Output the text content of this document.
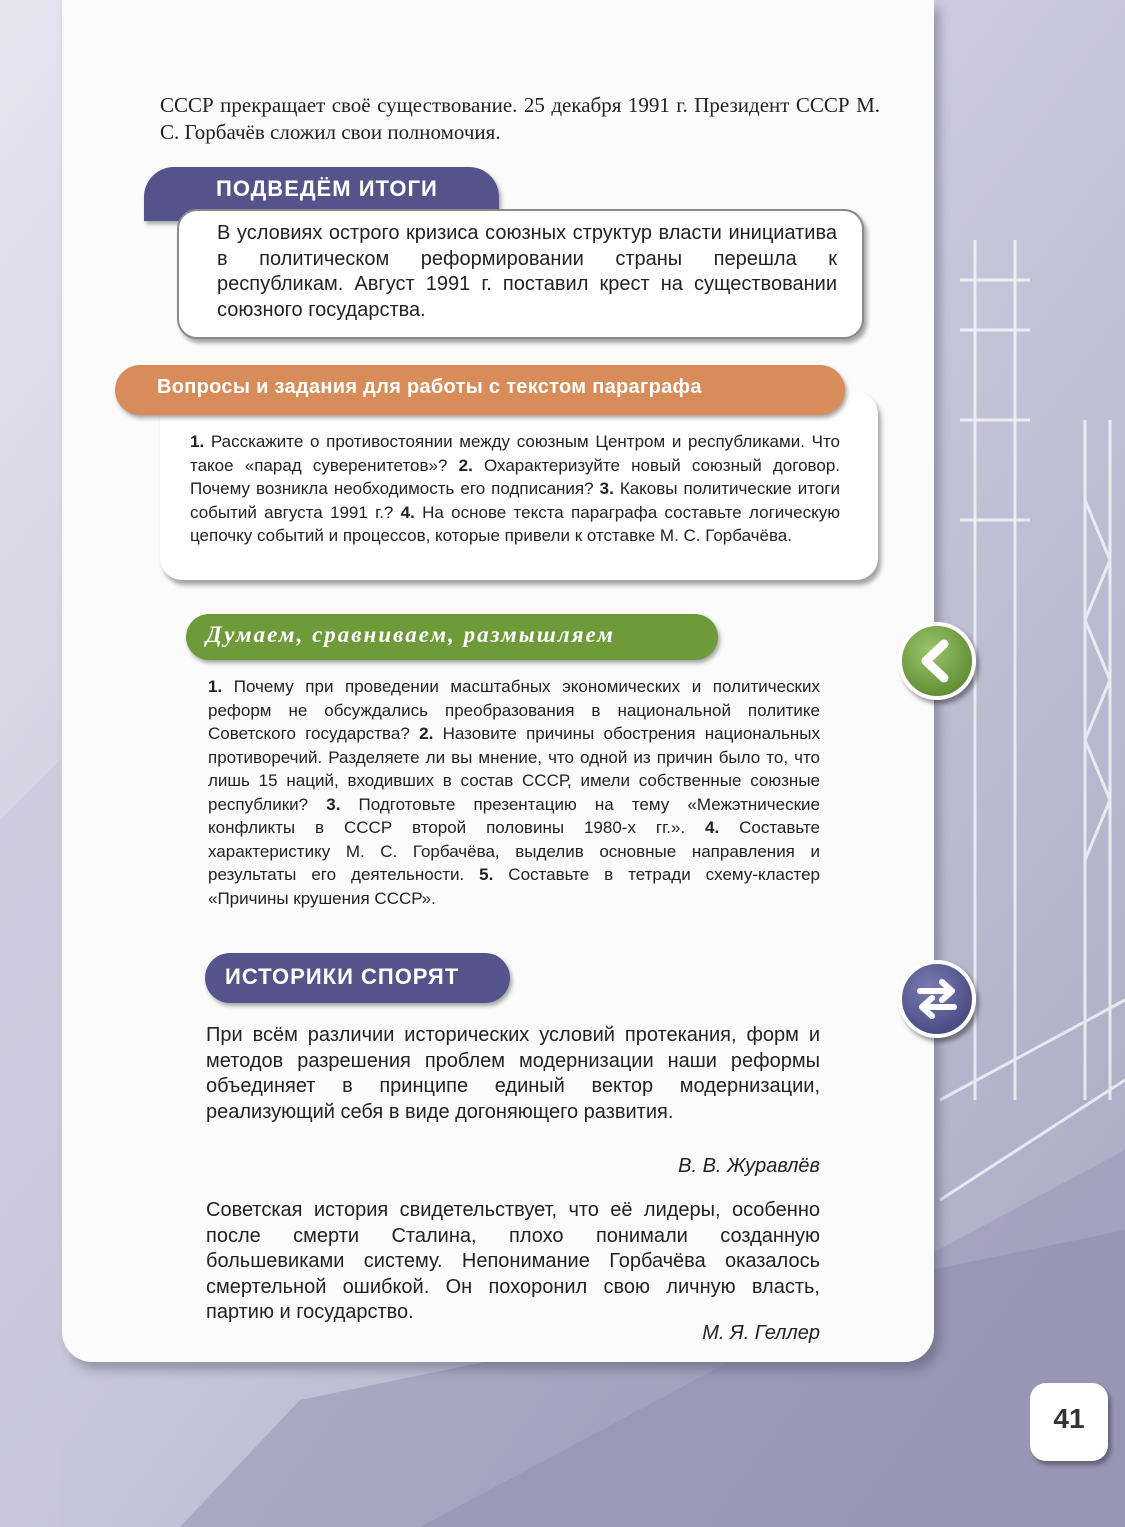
СССР прекращает своё существование. 25 декабря 1991 г. Президент СССР М. С. Горбачёв сложил свои полномочия.
ПОДВЕДЁМ ИТОГИ

В условиях острого кризиса союзных структур власти инициатива в политическом реформировании страны перешла к республикам. Август 1991 г. поставил крест на существовании союзного государства.

1. Расскажите о противостоянии между союзным Центром и республиками. Что такое «парад суверенитетов»? 2. Охарактеризуйте новый союзный договор. Почему возникла необходимость его подписания? 3. Каковы политические итоги событий августа 1991 г.? 4. На основе текста параграфа составьте логическую цепочку событий и процессов, которые привели к отставке М. С. Горбачёва.

Вопросы и задания для работы с текстом параграфа
Думаем, сравниваем, размышляем
1. Почему при проведении масштабных экономических и политических реформ не обсуждались преобразования в национальной политике Советского государства? 2. Назовите причины обострения национальных противоречий. Разделяете ли вы мнение, что одной из причин было то, что лишь 15 наций, входивших в состав СССР, имели собственные союзные республики? 3. Подготовьте презентацию на тему «Межэтнические конфликты в СССР второй половины 1980-х гг.». 4. Составьте характеристику М. С. Горбачёва, выделив основные направления и результаты его деятельности. 5. Составьте в тетради схему-кластер «Причины крушения СССР».
ИСТОРИКИ СПОРЯТ
При всём различии исторических условий протекания, форм и методов разрешения проблем модернизации наши реформы объединяет в принципе единый вектор модернизации, реализующий себя в виде догоняющего развития.
В. В. Журавлёв
Советская история свидетельствует, что её лидеры, особенно после смерти Сталина, плохо понимали созданную большевиками систему. Непонимание Горбачёва оказалось смертельной ошибкой. Он похоронил свою личную власть, партию и государство.
М. Я. Геллер
41
